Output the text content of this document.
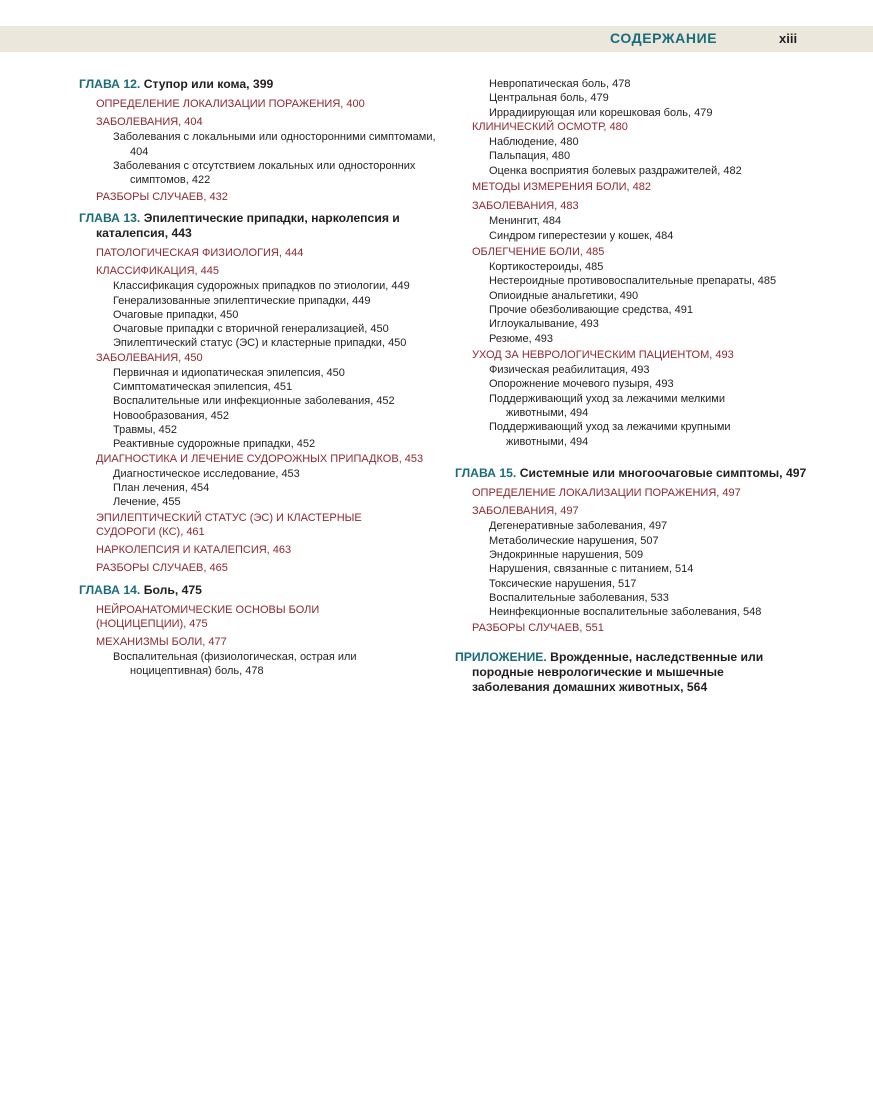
СОДЕРЖАНИЕ	xiii
ГЛАВА 12. Ступор или кома, 399
ОПРЕДЕЛЕНИЕ ЛОКАЛИЗАЦИИ ПОРАЖЕНИЯ, 400
ЗАБОЛЕВАНИЯ, 404
Заболевания с локальными или односторонними симптомами, 404
Заболевания с отсутствием локальных или односторонних симптомов, 422
РАЗБОРЫ СЛУЧАЕВ, 432
ГЛАВА 13. Эпилептические припадки, нарколепсия и каталепсия, 443
ПАТОЛОГИЧЕСКАЯ ФИЗИОЛОГИЯ, 444
КЛАССИФИКАЦИЯ, 445
Классификация судорожных припадков по этиологии, 449
Генерализованные эпилептические припадки, 449
Очаговые припадки, 450
Очаговые припадки с вторичной генерализацией, 450
Эпилептический статус (ЭС) и кластерные припадки, 450
ЗАБОЛЕВАНИЯ, 450
Первичная и идиопатическая эпилепсия, 450
Симптоматическая эпилепсия, 451
Воспалительные или инфекционные заболевания, 452
Новообразования, 452
Травмы, 452
Реактивные судорожные припадки, 452
ДИАГНОСТИКА И ЛЕЧЕНИЕ СУДОРОЖНЫХ ПРИПАДКОВ, 453
Диагностическое исследование, 453
План лечения, 454
Лечение, 455
ЭПИЛЕПТИЧЕСКИЙ СТАТУС (ЭС) И КЛАСТЕРНЫЕ СУДОРОГИ (КС), 461
НАРКОЛЕПСИЯ И КАТАЛЕПСИЯ, 463
РАЗБОРЫ СЛУЧАЕВ, 465
ГЛАВА 14. Боль, 475
НЕЙРОАНАТОМИЧЕСКИЕ ОСНОВЫ БОЛИ (НОЦИЦЕПЦИИ), 475
МЕХАНИЗМЫ БОЛИ, 477
Воспалительная (физиологическая, острая или ноцицептивная) боль, 478
Невропатическая боль, 478
Центральная боль, 479
Иррадиирующая или корешковая боль, 479
КЛИНИЧЕСКИЙ ОСМОТР, 480
Наблюдение, 480
Пальпация, 480
Оценка восприятия болевых раздражителей, 482
МЕТОДЫ ИЗМЕРЕНИЯ БОЛИ, 482
ЗАБОЛЕВАНИЯ, 483
Менингит, 484
Синдром гиперестезии у кошек, 484
ОБЛЕГЧЕНИЕ БОЛИ, 485
Кортикостероиды, 485
Нестероидные противовоспалительные препараты, 485
Опиоидные анальгетики, 490
Прочие обезболивающие средства, 491
Иглоукалывание, 493
Резюме, 493
УХОД ЗА НЕВРОЛОГИЧЕСКИМ ПАЦИЕНТОМ, 493
Физическая реабилитация, 493
Опорожнение мочевого пузыря, 493
Поддерживающий уход за лежачими мелкими животными, 494
Поддерживающий уход за лежачими крупными животными, 494
ГЛАВА 15. Системные или многоочаговые симптомы, 497
ОПРЕДЕЛЕНИЕ ЛОКАЛИЗАЦИИ ПОРАЖЕНИЯ, 497
ЗАБОЛЕВАНИЯ, 497
Дегенеративные заболевания, 497
Метаболические нарушения, 507
Эндокринные нарушения, 509
Нарушения, связанные с питанием, 514
Токсические нарушения, 517
Воспалительные заболевания, 533
Неинфекционные воспалительные заболевания, 548
РАЗБОРЫ СЛУЧАЕВ, 551
ПРИЛОЖЕНИЕ. Врожденные, наследственные или породные неврологические и мышечные заболевания домашних животных, 564
